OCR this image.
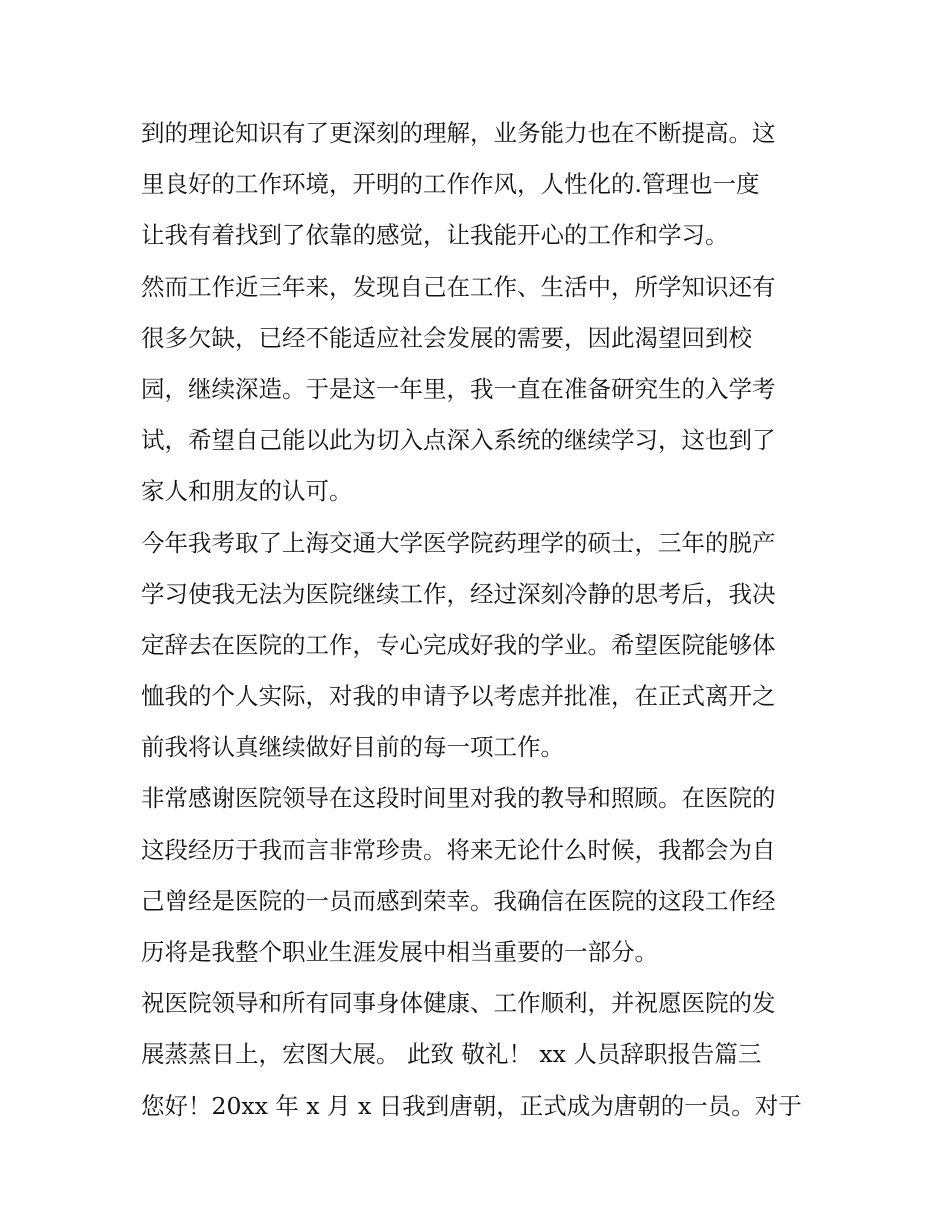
到的理论知识有了更深刻的理解，业务能力也在不断提高。这
里良好的工作环境，开明的工作作风，人性化的.管理也一度
让我有着找到了依靠的感觉，让我能开心的工作和学习。
然而工作近三年来，发现自己在工作、生活中，所学知识还有
很多欠缺，已经不能适应社会发展的需要，因此渴望回到校
园，继续深造。于是这一年里，我一直在准备研究生的入学考
试，希望自己能以此为切入点深入系统的继续学习，这也到了
家人和朋友的认可。
今年我考取了上海交通大学医学院药理学的硕士，三年的脱产
学习使我无法为医院继续工作，经过深刻冷静的思考后，我决
定辞去在医院的工作，专心完成好我的学业。希望医院能够体
恤我的个人实际，对我的申请予以考虑并批准，在正式离开之
前我将认真继续做好目前的每一项工作。
非常感谢医院领导在这段时间里对我的教导和照顾。在医院的
这段经历于我而言非常珍贵。将来无论什么时候，我都会为自
己曾经是医院的一员而感到荣幸。我确信在医院的这段工作经
历将是我整个职业生涯发展中相当重要的一部分。
祝医院领导和所有同事身体健康、工作顺利，并祝愿医院的发
展蒸蒸日上，宏图大展。 此致 敬礼！ xx 人员辞职报告篇三
您好！20xx 年 x 月 x 日我到唐朝，正式成为唐朝的一员。对于
